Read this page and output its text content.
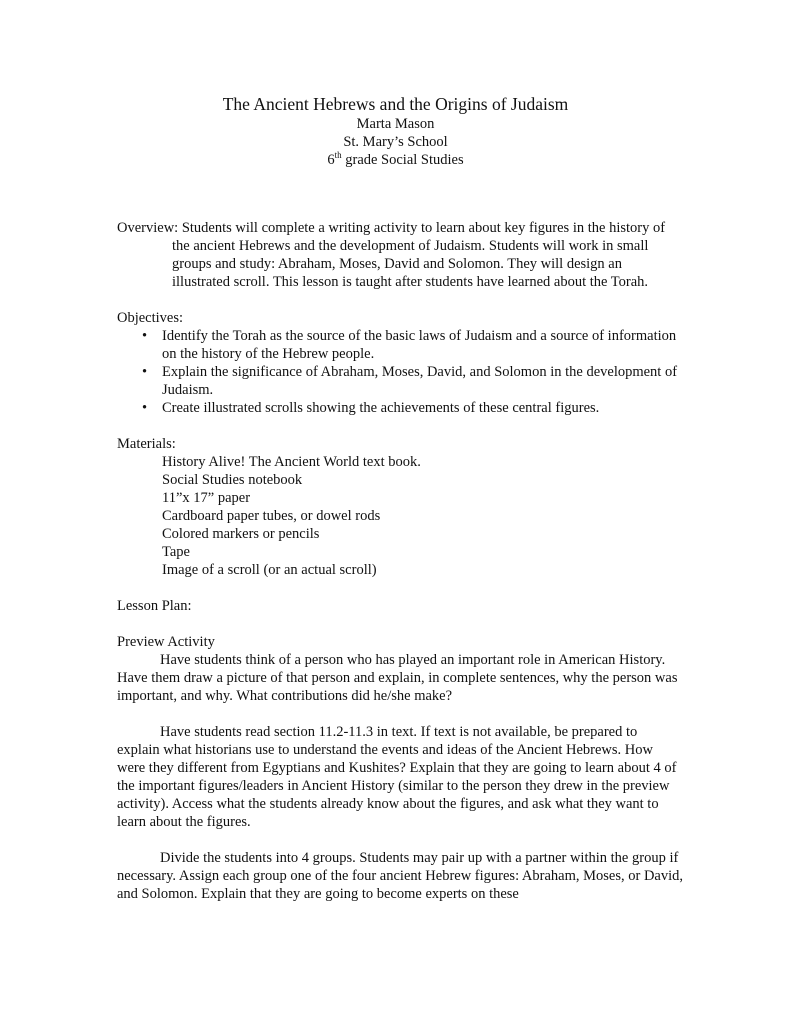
The Ancient Hebrews and the Origins of Judaism
Marta Mason
St. Mary’s School
6th grade Social Studies

Overview: Students will complete a writing activity to learn about key figures in the history of the ancient Hebrews and the development of Judaism. Students will work in small groups and study: Abraham, Moses, David and Solomon. They will design an illustrated scroll. This lesson is taught after students have learned about the Torah.

Objectives:

• Identify the Torah as the source of the basic laws of Judaism and a source of information on the history of the Hebrew people.
• Explain the significance of Abraham, Moses, David, and Solomon in the development of Judaism.
• Create illustrated scrolls showing the achievements of these central figures.

Materials:

History Alive! The Ancient World text book.
Social Studies notebook
11”x 17” paper
Cardboard paper tubes, or dowel rods
Colored markers or pencils
Tape
Image of a scroll (or an actual scroll)

Lesson Plan:

Preview Activity

Have students think of a person who has played an important role in American History. Have them draw a picture of that person and explain, in complete sentences, why the person was important, and why. What contributions did he/she make?

Have students read section 11.2-11.3 in text. If text is not available, be prepared to explain what historians use to understand the events and ideas of the Ancient Hebrews. How were they different from Egyptians and Kushites? Explain that they are going to learn about 4 of the important figures/leaders in Ancient History (similar to the person they drew in the preview activity). Access what the students already know about the figures, and ask what they want to learn about the figures.

Divide the students into 4 groups. Students may pair up with a partner within the group if necessary. Assign each group one of the four ancient Hebrew figures: Abraham, Moses, or David, and Solomon. Explain that they are going to become experts on these
